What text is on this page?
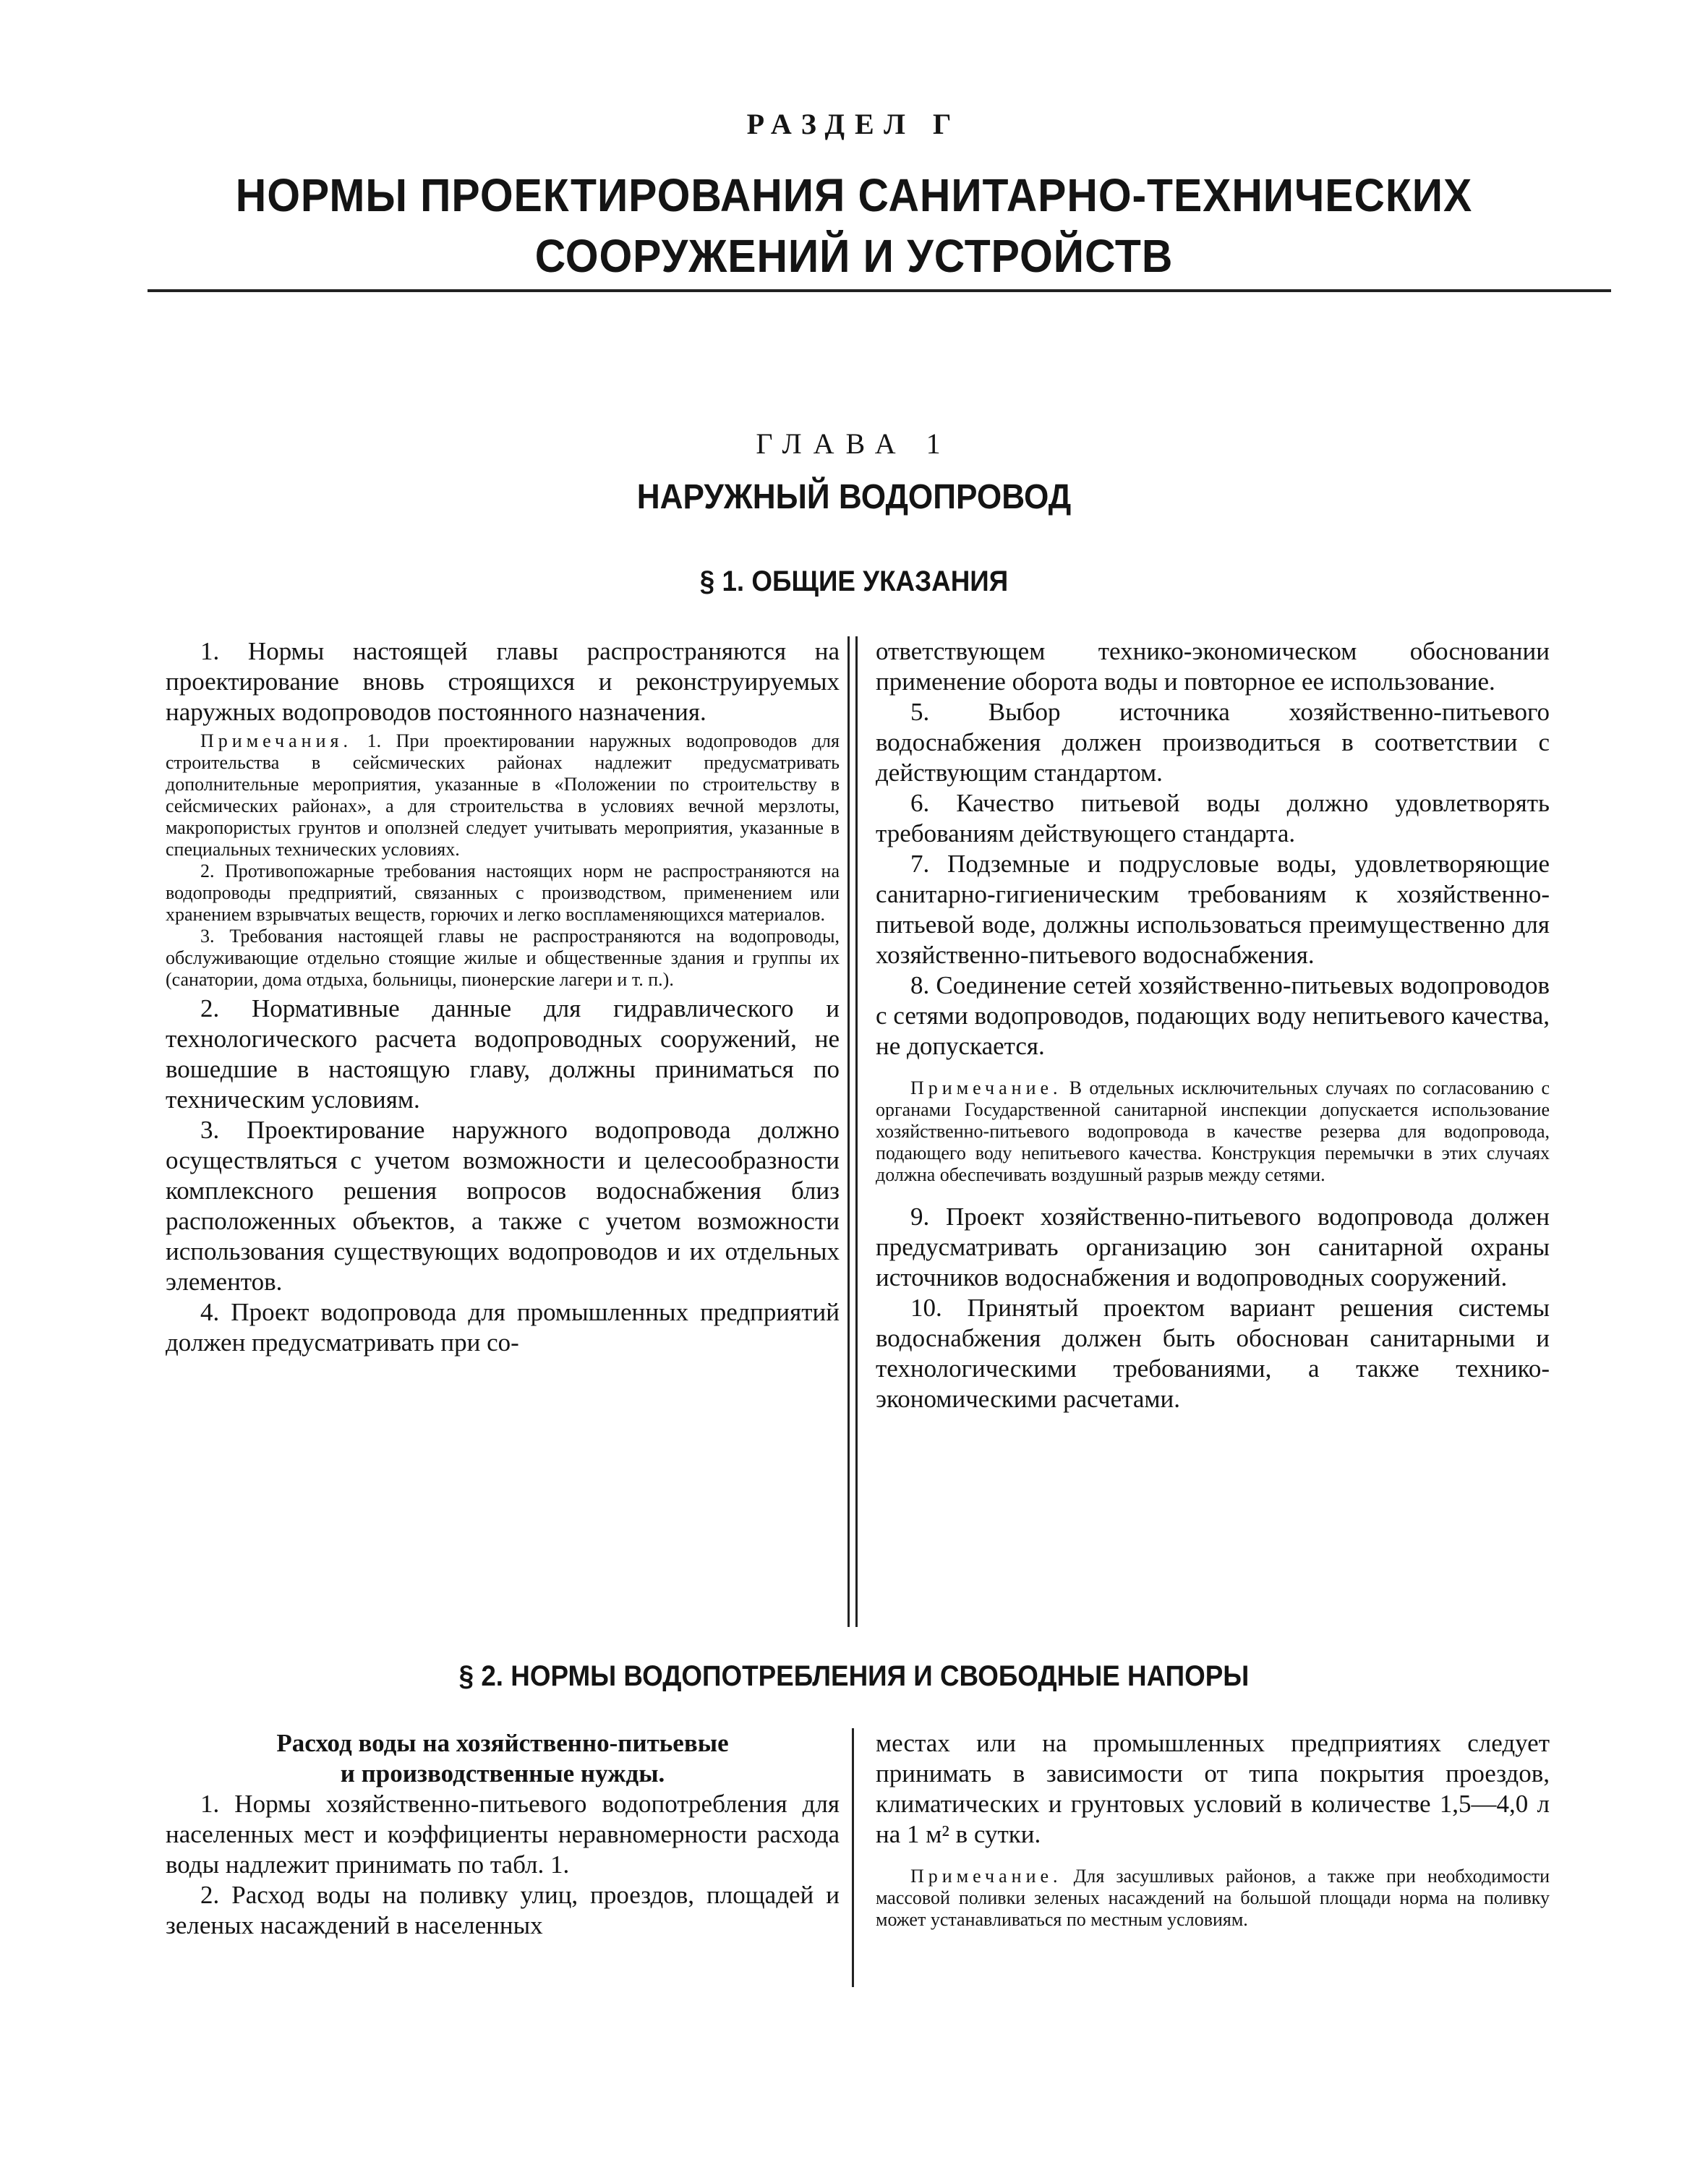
РАЗДЕЛ Г
НОРМЫ ПРОЕКТИРОВАНИЯ САНИТАРНО-ТЕХНИЧЕСКИХ
СООРУЖЕНИЙ И УСТРОЙСТВ
ГЛАВА 1
НАРУЖНЫЙ ВОДОПРОВОД
§ 1. ОБЩИЕ УКАЗАНИЯ

1. Нормы настоящей главы распространяются на проектирование вновь строящихся и реконструируемых наружных водопроводов постоянного назначения.

Примечания. 1. При проектировании наружных водопроводов для строительства в сейсмических районах надлежит предусматривать дополнительные мероприятия, указанные в «Положении по строительству в сейсмических районах», а для строительства в условиях вечной мерзлоты, макропористых грунтов и оползней следует учитывать мероприятия, указанные в специальных технических условиях.

2. Противопожарные требования настоящих норм не распространяются на водопроводы предприятий, связанных с производством, применением или хранением взрывчатых веществ, горючих и легко воспламеняющихся материалов.

3. Требования настоящей главы не распространяются на водопроводы, обслуживающие отдельно стоящие жилые и общественные здания и группы их (санатории, дома отдыха, больницы, пионерские лагери и т. п.).

2. Нормативные данные для гидравлического и технологического расчета водопроводных сооружений, не вошедшие в настоящую главу, должны приниматься по техническим условиям.

3. Проектирование наружного водопровода должно осуществляться с учетом возможности и целесообразности комплексного решения вопросов водоснабжения близ расположенных объектов, а также с учетом возможности использования существующих водопроводов и их отдельных элементов.

4. Проект водопровода для промышленных предприятий должен предусматривать при со-

ответствующем технико-экономическом обосновании применение оборота воды и повторное ее использование.

5. Выбор источника хозяйственно-питьевого водоснабжения должен производиться в соответствии с действующим стандартом.

6. Качество питьевой воды должно удовлетворять требованиям действующего стандарта.

7. Подземные и подрусловые воды, удовлетворяющие санитарно-гигиеническим требованиям к хозяйственно-питьевой воде, должны использоваться преимущественно для хозяйственно-питьевого водоснабжения.

8. Соединение сетей хозяйственно-питьевых водопроводов с сетями водопроводов, подающих воду непитьевого качества, не допускается.

Примечание. В отдельных исключительных случаях по согласованию с органами Государственной санитарной инспекции допускается использование хозяйственно-питьевого водопровода в качестве резерва для водопровода, подающего воду непитьевого качества. Конструкция перемычки в этих случаях должна обеспечивать воздушный разрыв между сетями.

9. Проект хозяйственно-питьевого водопровода должен предусматривать организацию зон санитарной охраны источников водоснабжения и водопроводных сооружений.

10. Принятый проектом вариант решения системы водоснабжения должен быть обоснован санитарными и технологическими требованиями, а также технико-экономическими расчетами.

§ 2. НОРМЫ ВОДОПОТРЕБЛЕНИЯ И СВОБОДНЫЕ НАПОРЫ
Расход воды на хозяйственно-питьевые
и производственные нужды.

1. Нормы хозяйственно-питьевого водопотребления для населенных мест и коэффициенты неравномерности расхода воды надлежит принимать по табл. 1.

2. Расход воды на поливку улиц, проездов, площадей и зеленых насаждений в населенных

местах или на промышленных предприятиях следует принимать в зависимости от типа покрытия проездов, климатических и грунтовых условий в количестве 1,5—4,0 л на 1 м² в сутки.

Примечание. Для засушливых районов, а также при необходимости массовой поливки зеленых насаждений на большой площади норма на поливку может устанавливаться по местным условиям.
